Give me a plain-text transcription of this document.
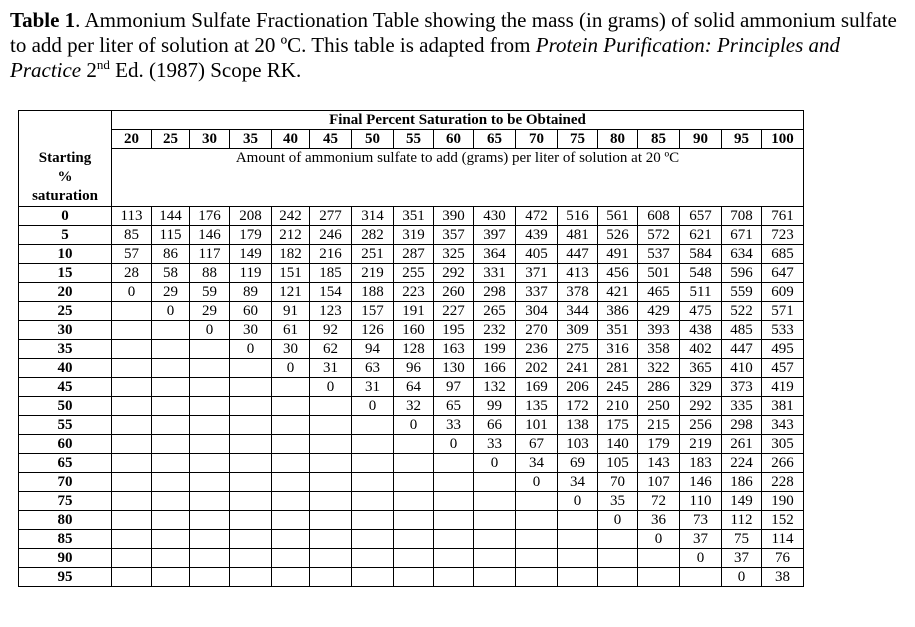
Table 1. Ammonium Sulfate Fractionation Table showing the mass (in grams) of solid ammonium sulfate to add per liter of solution at 20 ºC. This table is adapted from Protein Purification: Principles and Practice 2nd Ed. (1987) Scope RK.
	Final Percent Saturation to be Obtained																
	20	25	30	35	40	45	50	55	60	65	70	75	80	85	90	95	100
Starting
%
saturation	Amount of ammonium sulfate to add (grams) per liter of solution at 20 ºC																

0	113	144	176	208	242	277	314	351	390	430	472	516	561	608	657	708	761
5	85	115	146	179	212	246	282	319	357	397	439	481	526	572	621	671	723
10	57	86	117	149	182	216	251	287	325	364	405	447	491	537	584	634	685
15	28	58	88	119	151	185	219	255	292	331	371	413	456	501	548	596	647
20	0	29	59	89	121	154	188	223	260	298	337	378	421	465	511	559	609
25		0	29	60	91	123	157	191	227	265	304	344	386	429	475	522	571
30			0	30	61	92	126	160	195	232	270	309	351	393	438	485	533
35				0	30	62	94	128	163	199	236	275	316	358	402	447	495
40					0	31	63	96	130	166	202	241	281	322	365	410	457
45						0	31	64	97	132	169	206	245	286	329	373	419
50							0	32	65	99	135	172	210	250	292	335	381
55								0	33	66	101	138	175	215	256	298	343
60									0	33	67	103	140	179	219	261	305
65										0	34	69	105	143	183	224	266
70											0	34	70	107	146	186	228
75												0	35	72	110	149	190
80													0	36	73	112	152
85														0	37	75	114
90															0	37	76
95																0	38
